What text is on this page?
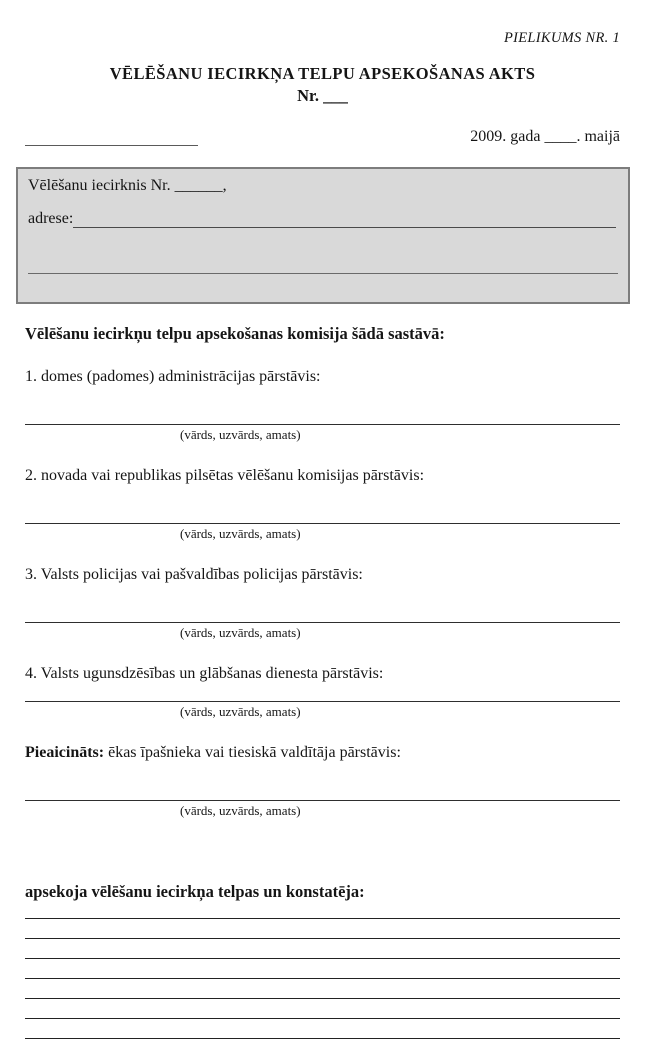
PIELIKUMS NR. 1
VĒLĒŠANU IECIRKŅA TELPU APSEKOŠANAS AKTS
Nr. ___
2009. gada ____. maijā
Vēlēšanu iecirknis Nr. ______,
adrese:
Vēlēšanu iecirkņu telpu apsekošanas komisija šādā sastāvā:
1. domes (padomes) administrācijas pārstāvis:
(vārds, uzvārds, amats)
2. novada vai republikas pilsētas vēlēšanu komisijas pārstāvis:
(vārds, uzvārds, amats)
3. Valsts policijas vai pašvaldības policijas pārstāvis:
(vārds, uzvārds, amats)
4. Valsts ugunsdzēsības un glābšanas dienesta pārstāvis:
(vārds, uzvārds, amats)
Pieaicināts: ēkas īpašnieka vai tiesiskā valdītāja pārstāvis:
(vārds, uzvārds, amats)
apsekoja vēlēšanu iecirkņa telpas un konstatēja:
